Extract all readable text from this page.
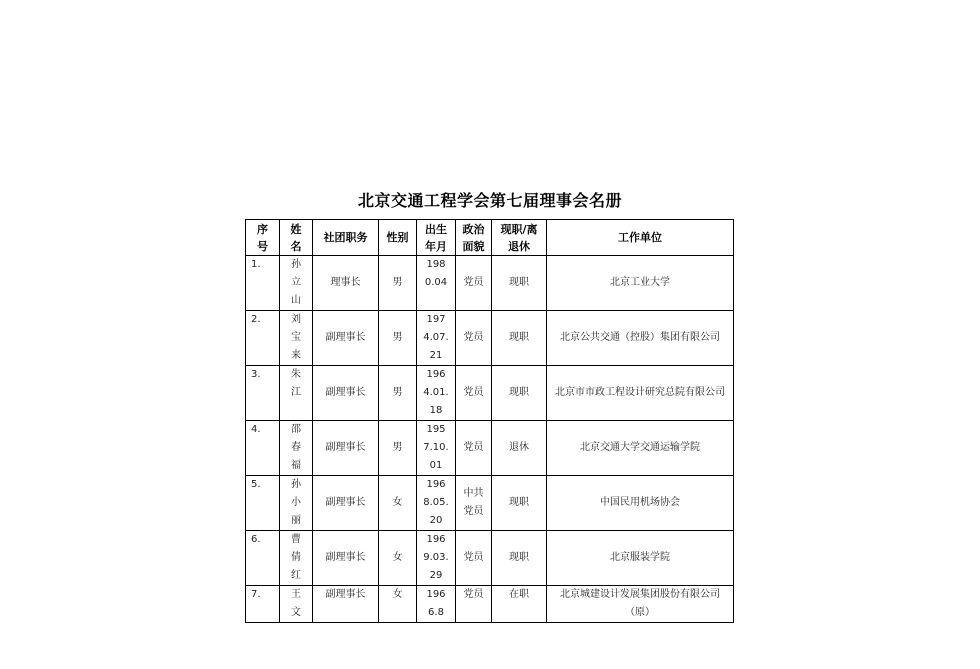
北京交通工程学会第七届理事会名册
序号	姓名	社团职务	性别	出生年月	政治面貌	现职/离退休	工作单位
1.	孙立山	理事长	男	1980.04	党员	现职	北京工业大学
2.	刘宝来	副理事长	男	1974.07.21	党员	现职	北京公共交通（控股）集团有限公司
3.	朱江	副理事长	男	1964.01.18	党员	现职	北京市市政工程设计研究总院有限公司
4.	邵春福	副理事长	男	1957.10.01	党员	退休	北京交通大学交通运输学院
5.	孙小丽	副理事长	女	1968.05.20	中共党员	现职	中国民用机场协会
6.	曹倩红	副理事长	女	1969.03.29	党员	现职	北京服装学院
7.	王文	副理事长	女	1966.8	党员	在职	北京城建设计发展集团股份有限公司（原）
